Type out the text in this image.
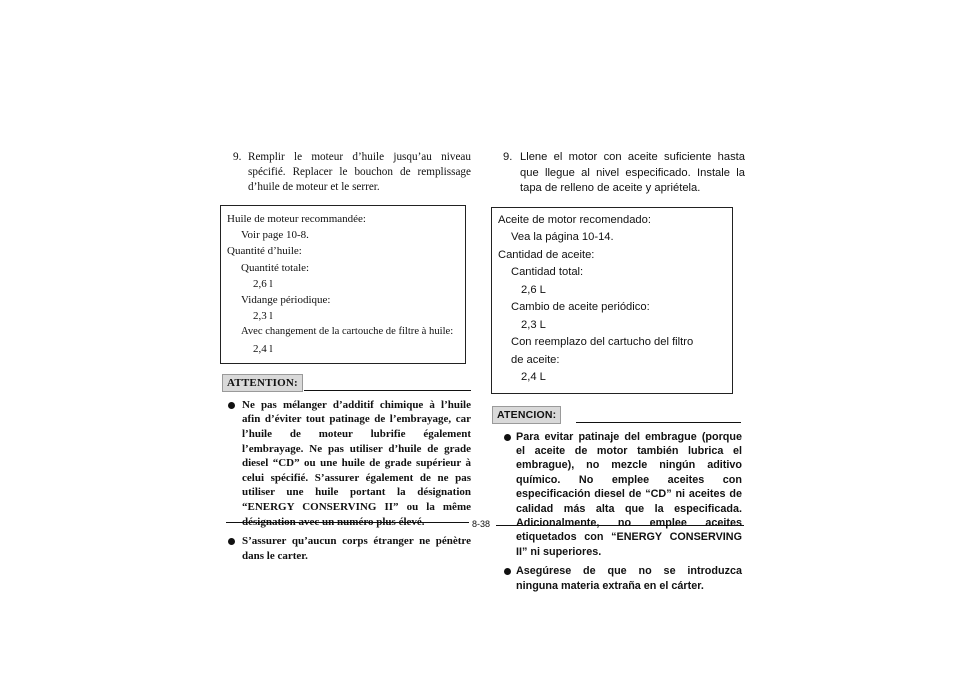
9. Remplir le moteur d’huile jusqu’au niveau spécifié. Replacer le bouchon de remplissage d’huile de moteur et le serrer.
Huile de moteur recommandée:
Voir page 10-8.
Quantité d’huile:
Quantité totale:
2,6 l
Vidange périodique:
2,3 l
Avec changement de la cartouche de filtre à huile:
2,4 l
ATTENTION:
Ne pas mélanger d’additif chimique à l’huile afin d’éviter tout patinage de l’embrayage, car l’huile de moteur lubrifie également l’embrayage. Ne pas utiliser d’huile de grade diesel “CD” ou une huile de grade supérieur à celui spécifié. S’assurer également de ne pas utiliser une huile portant la désignation “ENERGY CONSERVING II” ou la même désignation avec un numéro plus élevé.
S’assurer qu’aucun corps étranger ne pénètre dans le carter.
9. Llene el motor con aceite suficiente hasta que llegue al nivel especificado. Instale la tapa de relleno de aceite y apriétela.
Aceite de motor recomendado:
Vea la página 10-14.
Cantidad de aceite:
Cantidad total:
2,6 L
Cambio de aceite periódico:
2,3 L
Con reemplazo del cartucho del filtro de aceite:
2,4 L
ATENCION:
Para evitar patinaje del embrague (porque el aceite de motor también lubrica el embrague), no mezcle ningún aditivo químico. No emplee aceites con especificación diesel de “CD” ni aceites de calidad más alta que la especificada. Adicionalmente, no emplee aceites etiquetados con “ENERGY CONSERVING II” ni superiores.
Asegúrese de que no se introduzca ningunа materia extraña en el cárter.
8-38
